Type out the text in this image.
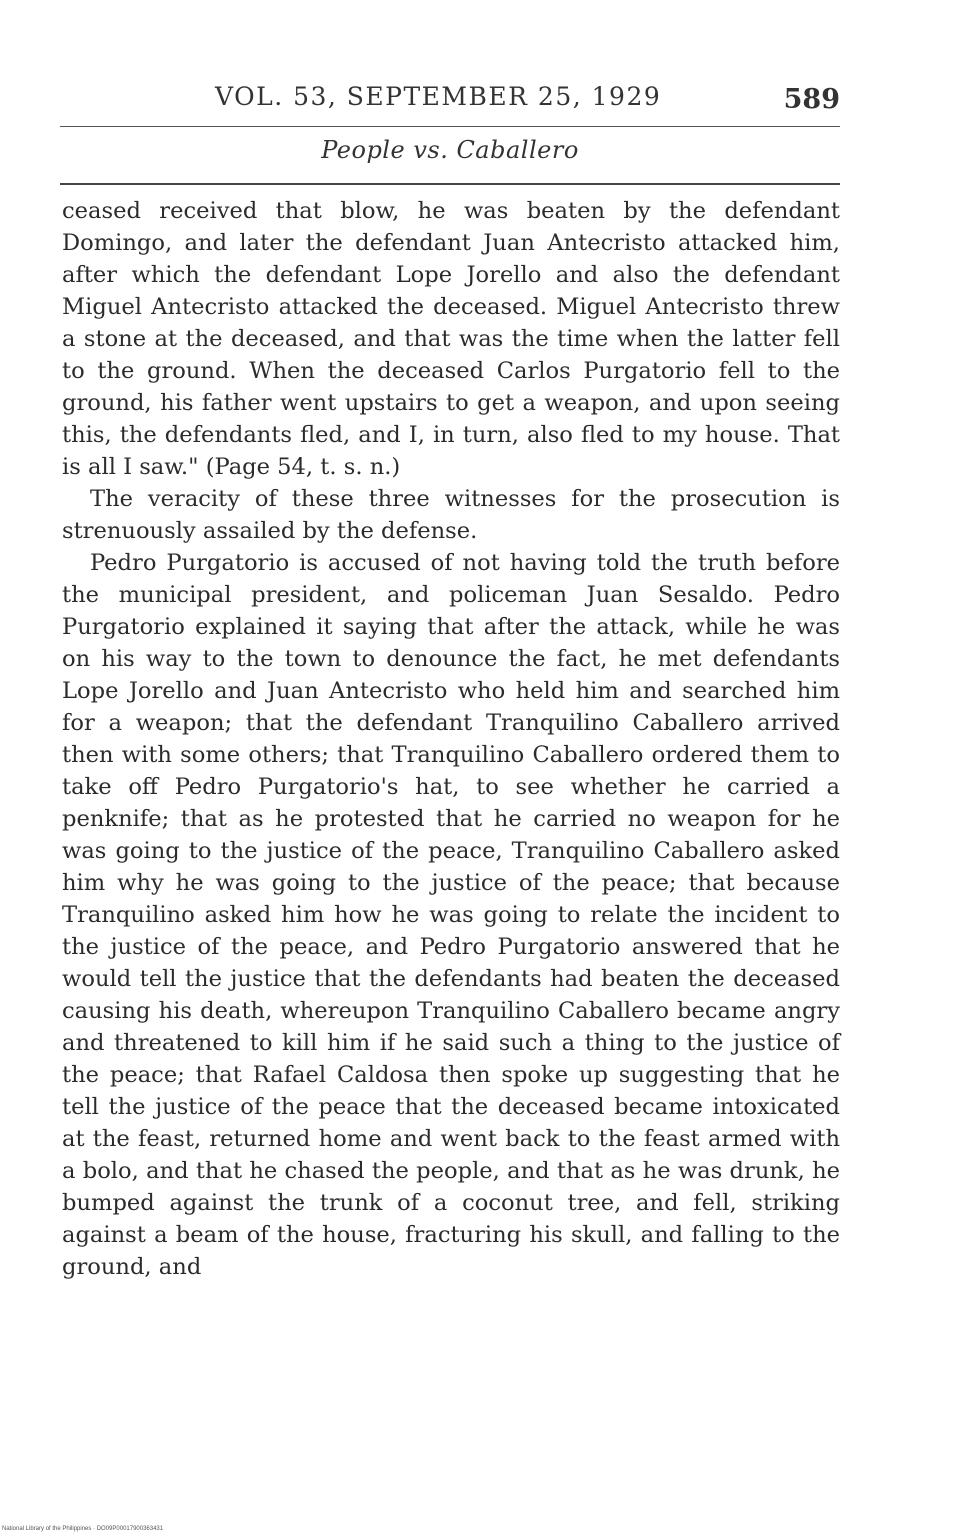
VOL. 53, SEPTEMBER 25, 1929	589
People vs. Caballero

ceased received that blow, he was beaten by the defendant Domingo, and later the defendant Juan Antecristo attacked him, after which the defendant Lope Jorello and also the defendant Miguel Antecristo attacked the deceased. Miguel Antecristo threw a stone at the deceased, and that was the time when the latter fell to the ground. When the deceased Carlos Purgatorio fell to the ground, his father went upstairs to get a weapon, and upon seeing this, the defendants fled, and I, in turn, also fled to my house. That is all I saw." (Page 54, t. s. n.)

The veracity of these three witnesses for the prosecution is strenuously assailed by the defense.

Pedro Purgatorio is accused of not having told the truth before the municipal president, and policeman Juan Sesaldo. Pedro Purgatorio explained it saying that after the attack, while he was on his way to the town to denounce the fact, he met defendants Lope Jorello and Juan Antecristo who held him and searched him for a weapon; that the defendant Tranquilino Caballero arrived then with some others; that Tranquilino Caballero ordered them to take off Pedro Purgatorio's hat, to see whether he carried a penknife; that as he protested that he carried no weapon for he was going to the justice of the peace, Tranquilino Caballero asked him why he was going to the justice of the peace; that because Tranquilino asked him how he was going to relate the incident to the justice of the peace, and Pedro Purgatorio answered that he would tell the justice that the defendants had beaten the deceased causing his death, whereupon Tranquilino Caballero became angry and threatened to kill him if he said such a thing to the justice of the peace; that Rafael Caldosa then spoke up suggesting that he tell the justice of the peace that the deceased became intoxicated at the feast, returned home and went back to the feast armed with a bolo, and that he chased the people, and that as he was drunk, he bumped against the trunk of a coconut tree, and fell, striking against a beam of the house, fracturing his skull, and falling to the ground, and

National Library of the Philippines · DO09P00017900363431
